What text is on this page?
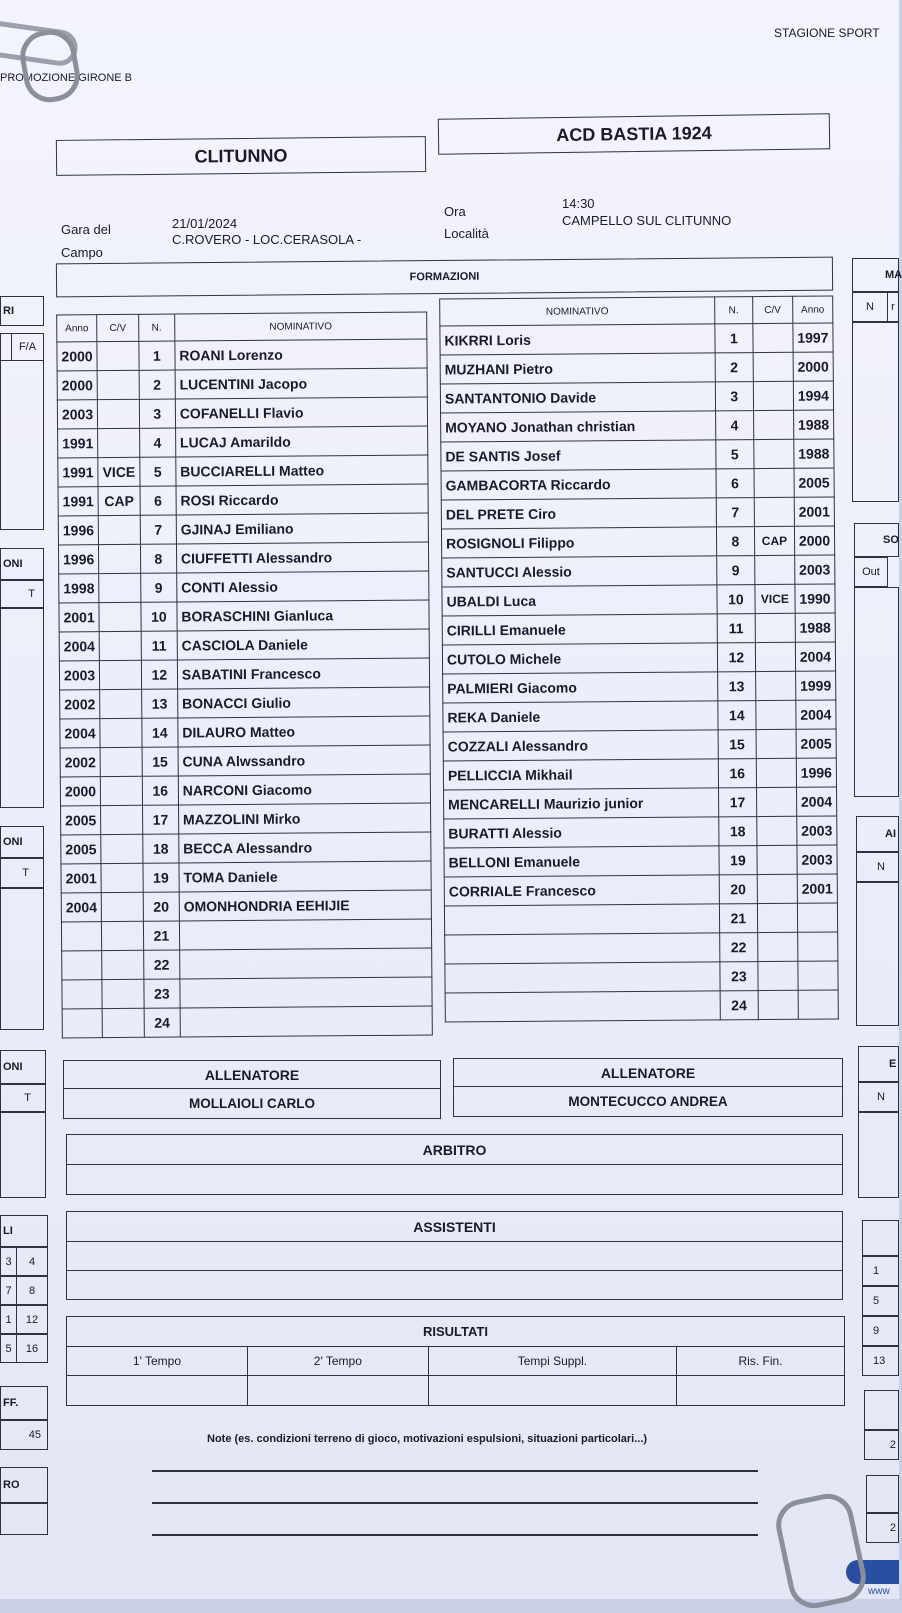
STAGIONE SPORT
PROMOZIONE GIRONE B
CLITUNNO
ACD BASTIA 1924
Gara del	21/01/2024
Campo
C.ROVERO - LOC.CERASOLA -
Ora
14:30
Località
CAMPELLO SUL CLITUNNO
FORMAZIONI
Anno	C/V	N.	NOMINATIVO
2000		1	ROANI Lorenzo
2000		2	LUCENTINI Jacopo
2003		3	COFANELLI Flavio
1991		4	LUCAJ Amarildo
1991	VICE	5	BUCCIARELLI Matteo
1991	CAP	6	ROSI Riccardo
1996		7	GJINAJ Emiliano
1996		8	CIUFFETTI Alessandro
1998		9	CONTI Alessio
2001		10	BORASCHINI Gianluca
2004		11	CASCIOLA Daniele
2003		12	SABATINI Francesco
2002		13	BONACCI Giulio
2004		14	DILAURO Matteo
2002		15	CUNA Alwssandro
2000		16	NARCONI Giacomo
2005		17	MAZZOLINI Mirko
2005		18	BECCA Alessandro
2001		19	TOMA Daniele
2004		20	OMONHONDRIA EEHIJIE
		21	
		22	
		23	
		24	
NOMINATIVO	N.	C/V	Anno
KIKRRI Loris	1		1997
MUZHANI Pietro	2		2000
SANTANTONIO Davide	3		1994
MOYANO Jonathan christian	4		1988
DE SANTIS Josef	5		1988
GAMBACORTA Riccardo	6		2005
DEL PRETE Ciro	7		2001
ROSIGNOLI Filippo	8	CAP	2000
SANTUCCI Alessio	9		2003
UBALDI Luca	10	VICE	1990
CIRILLI Emanuele	11		1988
CUTOLO Michele	12		2004
PALMIERI Giacomo	13		1999
REKA Daniele	14		2004
COZZALI Alessandro	15		2005
PELLICCIA Mikhail	16		1996
MENCARELLI Maurizio junior	17		2004
BURATTI Alessio	18		2003
BELLONI Emanuele	19		2003
CORRIALE Francesco	20		2001
	21		
	22		
	23		
	24		
ALLENATORE
MOLLAIOLI CARLO
ALLENATORE
MONTECUCCO ANDREA
ARBITRO

ASSISTENTI

RISULTATI			
1' Tempo	2' Tempo	Tempi Suppl.	Ris. Fin.

Note (es. condizioni terreno di gioco, motivazioni espulsioni, situazioni particolari...)
RI
F/A
ONI
T
ONI
T
ONI
T
LI
3	4
7	8
1	12
5	16
FF.
45
RO
MA
N	r
SO
Out
AI
N
E
N
1
5
9
13
2
2
www
